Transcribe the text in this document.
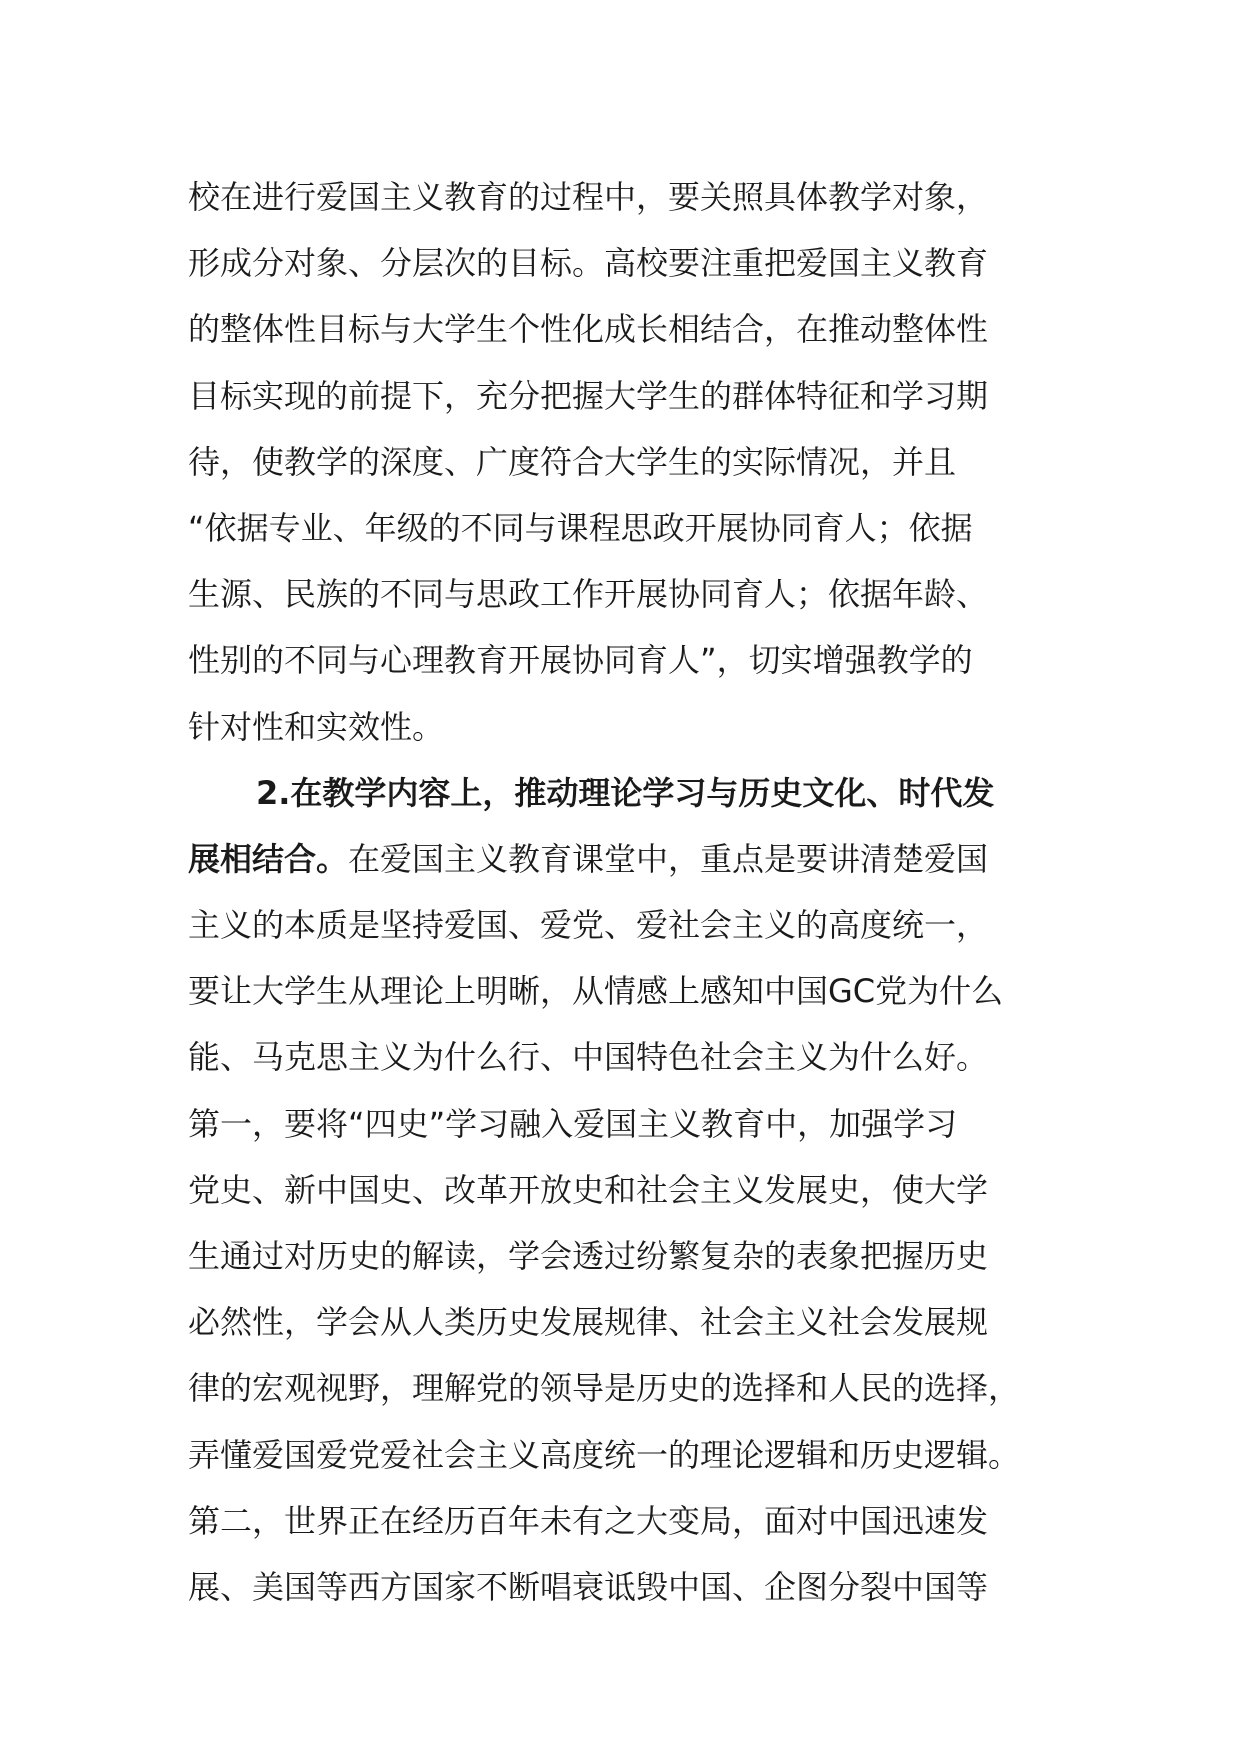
校在进行爱国主义教育的过程中，要关照具体教学对象，
形成分对象、分层次的目标。高校要注重把爱国主义教育
的整体性目标与大学生个性化成长相结合，在推动整体性
目标实现的前提下，充分把握大学生的群体特征和学习期
待，使教学的深度、广度符合大学生的实际情况，并且
“依据专业、年级的不同与课程思政开展协同育人；依据
生源、民族的不同与思政工作开展协同育人；依据年龄、
性别的不同与心理教育开展协同育人”，切实增强教学的
针对性和实效性。
2.在教学内容上，推动理论学习与历史文化、时代发
展相结合。在爱国主义教育课堂中，重点是要讲清楚爱国
主义的本质是坚持爱国、爱党、爱社会主义的高度统一，
要让大学生从理论上明晰，从情感上感知中国GC党为什么
能、马克思主义为什么行、中国特色社会主义为什么好。
第一，要将“四史”学习融入爱国主义教育中，加强学习
党史、新中国史、改革开放史和社会主义发展史，使大学
生通过对历史的解读，学会透过纷繁复杂的表象把握历史
必然性，学会从人类历史发展规律、社会主义社会发展规
律的宏观视野，理解党的领导是历史的选择和人民的选择，
弄懂爱国爱党爱社会主义高度统一的理论逻辑和历史逻辑。
第二，世界正在经历百年未有之大变局，面对中国迅速发
展、美国等西方国家不断唱衰诋毁中国、企图分裂中国等
